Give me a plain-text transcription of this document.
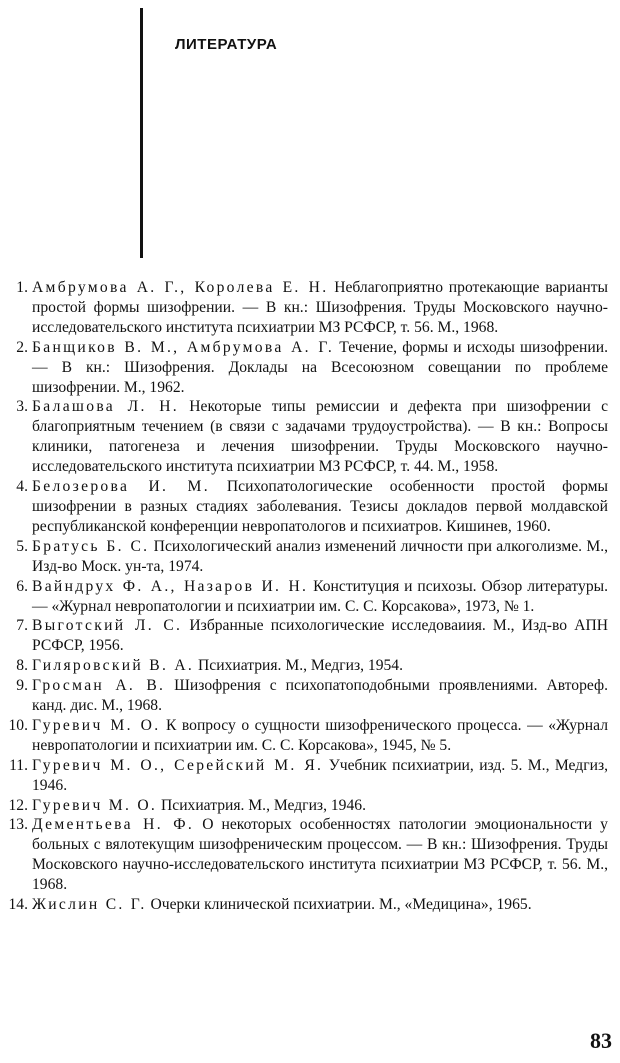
ЛИТЕРАТУРА
1. Амбрумова А. Г., Королева Е. Н. Неблагоприятно протекающие варианты простой формы шизофрении. — В кн.: Шизофрения. Труды Московского научно-исследовательского института психиатрии МЗ РСФСР, т. 56. М., 1968.
2. Банщиков В. М., Амбрумова А. Г. Течение, формы и исходы шизофрении. — В кн.: Шизофрения. Доклады на Всесоюзном совещании по проблеме шизофрении. М., 1962.
3. Балашова Л. Н. Некоторые типы ремиссии и дефекта при шизофрении с благоприятным течением (в связи с задачами трудоустройства). — В кн.: Вопросы клиники, патогенеза и лечения шизофрении. Труды Московского научно-исследовательского института психиатрии МЗ РСФСР, т. 44. М., 1958.
4. Белозерова И. М. Психопатологические особенности простой формы шизофрении в разных стадиях заболевания. Тезисы докладов первой молдавской республиканской конференции невропатологов и психиатров. Кишинев, 1960.
5. Братусь Б. С. Психологический анализ изменений личности при алкоголизме. М., Изд-во Моск. ун-та, 1974.
6. Вайндрух Ф. А., Назаров И. Н. Конституция и психозы. Обзор литературы. — «Журнал невропатологии и психиатрии им. С. С. Корсакова», 1973, № 1.
7. Выготский Л. С. Избранные психологические исследоваиия. М., Изд-во АПН РСФСР, 1956.
8. Гиляровский В. А. Психиатрия. М., Медгиз, 1954.
9. Гросман А. В. Шизофрения с психопатоподобными проявлениями. Автореф. канд. дис. М., 1968.
10. Гуревич М. О. К вопросу о сущности шизофренического процесса. — «Журнал невропатологии и психиатрии им. С. С. Корсакова», 1945, № 5.
11. Гуревич М. О., Серейский М. Я. Учебник психиатрии, изд. 5. М., Медгиз, 1946.
12. Гуревич М. О. Психиатрия. М., Медгиз, 1946.
13. Дементьева Н. Ф. О некоторых особенностях патологии эмоциональности у больных с вялотекущим шизофреническим процессом. — В кн.: Шизофрения. Труды Московского научно-исследовательского института психиатрии МЗ РСФСР, т. 56. М., 1968.
14. Жислин С. Г. Очерки клинической психиатрии. М., «Медицина», 1965.
83
